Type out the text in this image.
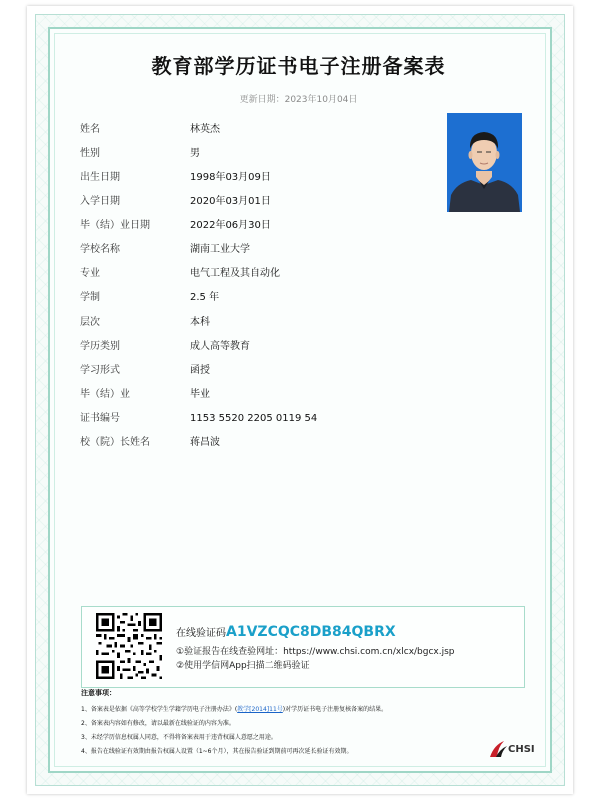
教育部学历证书电子注册备案表
更新日期：2023年10月04日
姓名	林英杰
性别	男
出生日期	1998年03月09日
入学日期	2020年03月01日
毕（结）业日期	2022年06月30日
学校名称	湖南工业大学
专业	电气工程及其自动化
学制	2.5 年
层次	本科
学历类别	成人高等教育
学习形式	函授
毕（结）业	毕业
证书编号	1153 5520 2205 0119 54
校（院）长姓名	蒋昌波
在线验证码A1VZCQC8DB84QBRX
①验证报告在线查验网址：https://www.chsi.com.cn/xlcx/bgcx.jsp
②使用学信网App扫描二维码验证
注意事项：
1、备案表是依据《高等学校学生学籍学历电子注册办法》(教学[2014]11号)对学历证书电子注册复核备案的结果。
2、备案表内容如有修改，请以最新在线验证的内容为准。
3、未经学历信息权属人同意，不得将备案表用于违背权属人意愿之用途。
4、报告在线验证有效期由报告权属人设置（1~6个月），其在报告验证到期前可再次延长验证有效期。	CHSI
